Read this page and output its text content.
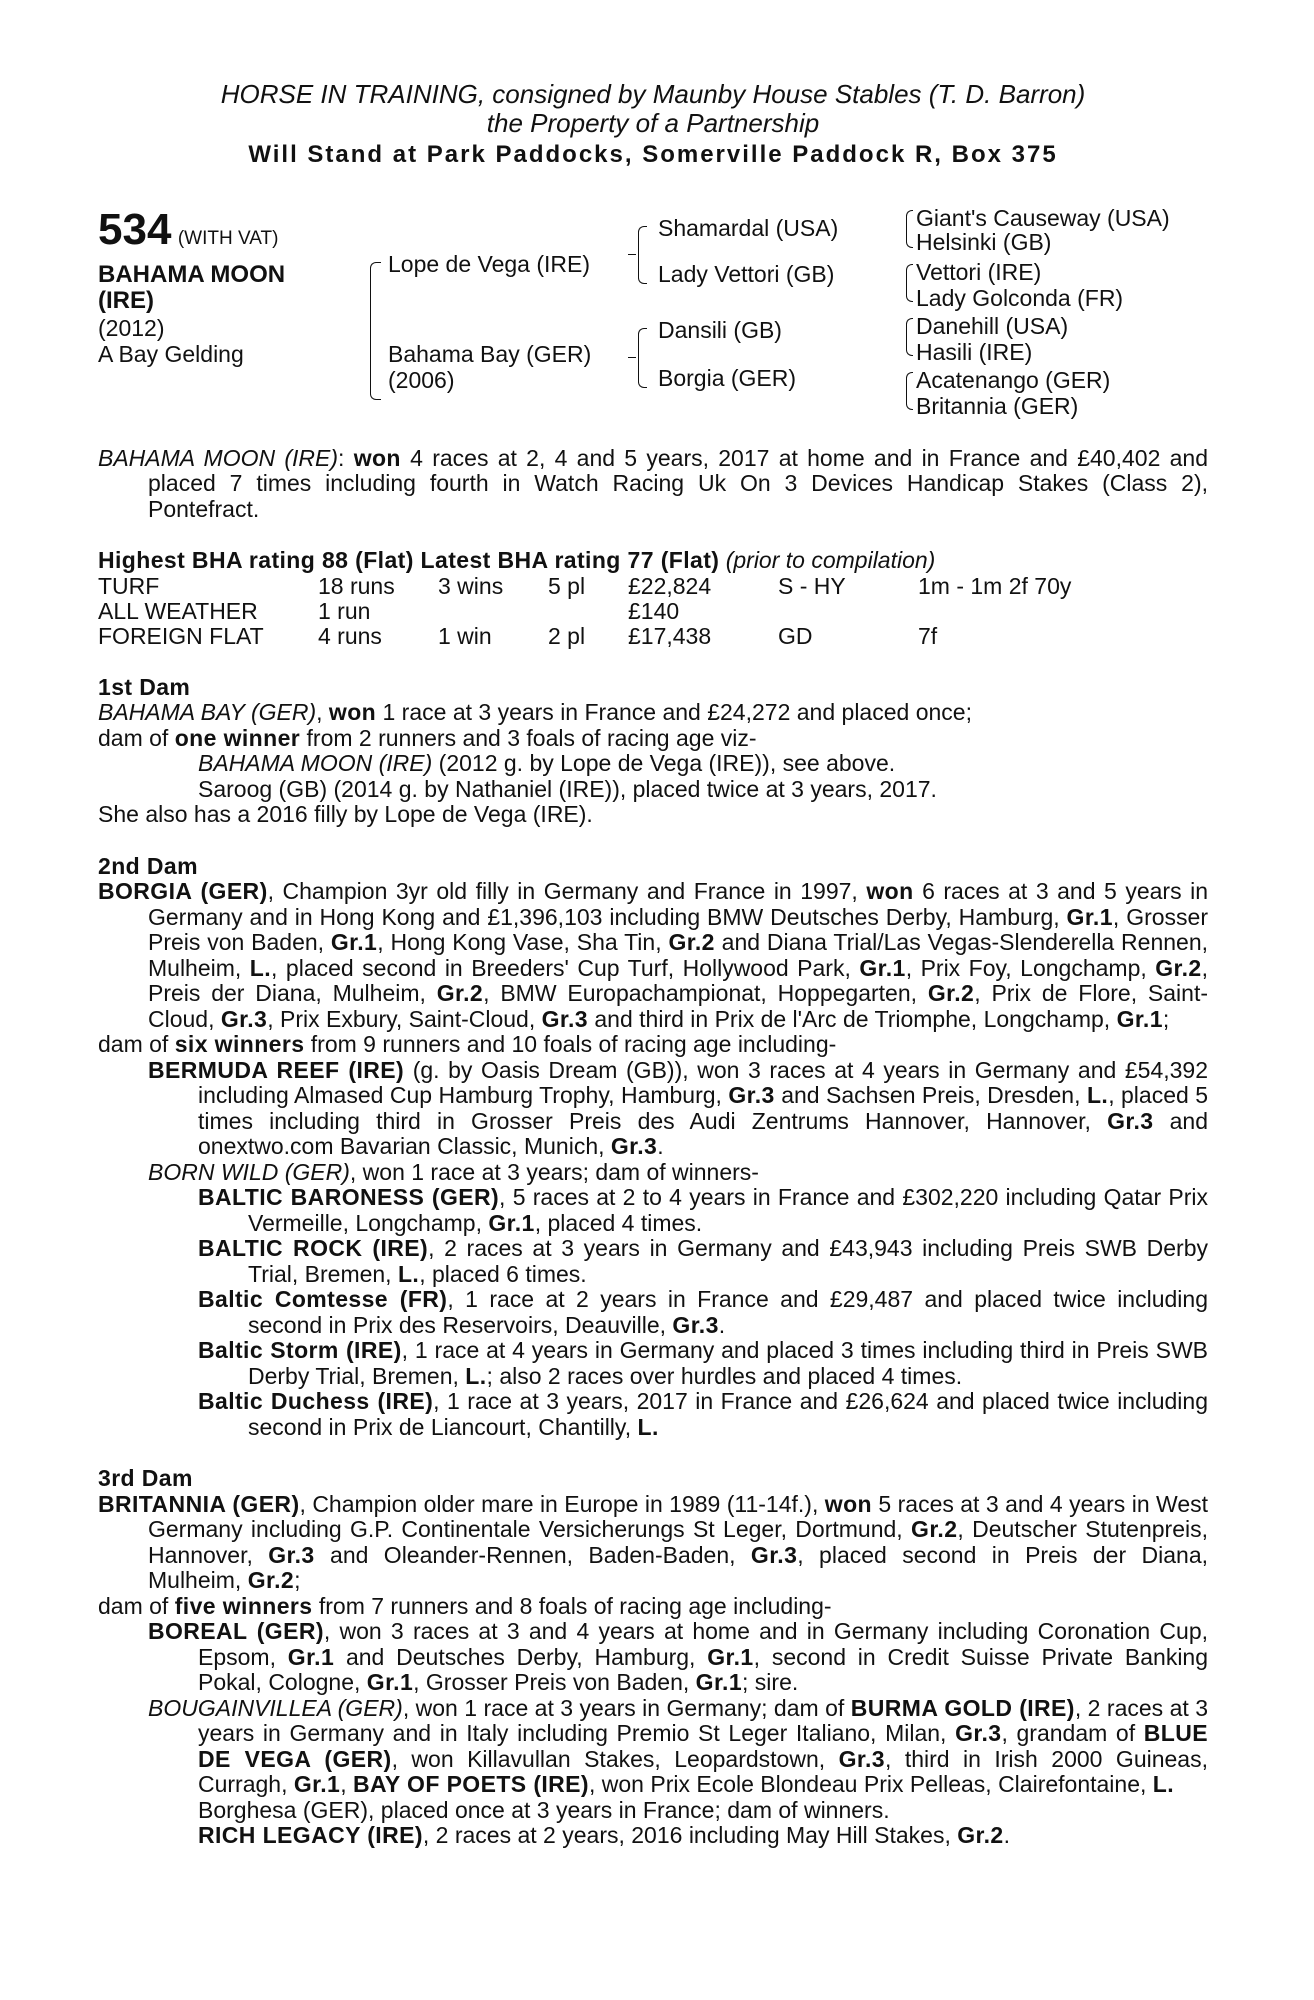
HORSE IN TRAINING, consigned by Maunby House Stables (T. D. Barron)
the Property of a Partnership
Will Stand at Park Paddocks, Somerville Paddock R, Box 375
534 (WITH VAT)
BAHAMA MOON
(IRE)
(2012)
A Bay Gelding
Lope de Vega (IRE)
Bahama Bay (GER)
(2006)
Shamardal (USA)
Lady Vettori (GB)
Dansili (GB)
Borgia (GER)
Giant's Causeway (USA)
Helsinki (GB)
Vettori (IRE)
Lady Golconda (FR)
Danehill (USA)
Hasili (IRE)
Acatenango (GER)
Britannia (GER)
BAHAMA MOON (IRE): won 4 races at 2, 4 and 5 years, 2017 at home and in France and £40,402 and placed 7 times including fourth in Watch Racing Uk On 3 Devices Handicap Stakes (Class 2), Pontefract.
Highest BHA rating 88 (Flat) Latest BHA rating 77 (Flat) (prior to compilation)
TURF	18 runs	3 wins	5 pl	£22,824	S - HY	1m - 1m 2f 70y
ALL WEATHER	1 run			£140		
FOREIGN FLAT	4 runs	1 win	2 pl	£17,438	GD	7f
1st Dam
BAHAMA BAY (GER), won 1 race at 3 years in France and £24,272 and placed once;
dam of one winner from 2 runners and 3 foals of racing age viz-
BAHAMA MOON (IRE) (2012 g. by Lope de Vega (IRE)), see above.
Saroog (GB) (2014 g. by Nathaniel (IRE)), placed twice at 3 years, 2017.
She also has a 2016 filly by Lope de Vega (IRE).
2nd Dam
BORGIA (GER), Champion 3yr old filly in Germany and France in 1997, won 6 races at 3 and 5 years in Germany and in Hong Kong and £1,396,103 including BMW Deutsches Derby, Hamburg, Gr.1, Grosser Preis von Baden, Gr.1, Hong Kong Vase, Sha Tin, Gr.2 and Diana Trial/Las Vegas-Slenderella Rennen, Mulheim, L., placed second in Breeders' Cup Turf, Hollywood Park, Gr.1, Prix Foy, Longchamp, Gr.2, Preis der Diana, Mulheim, Gr.2, BMW Europachampionat, Hoppegarten, Gr.2, Prix de Flore, Saint-Cloud, Gr.3, Prix Exbury, Saint-Cloud, Gr.3 and third in Prix de l'Arc de Triomphe, Longchamp, Gr.1;
dam of six winners from 9 runners and 10 foals of racing age including-
BERMUDA REEF (IRE) (g. by Oasis Dream (GB)), won 3 races at 4 years in Germany and £54,392 including Almased Cup Hamburg Trophy, Hamburg, Gr.3 and Sachsen Preis, Dresden, L., placed 5 times including third in Grosser Preis des Audi Zentrums Hannover, Hannover, Gr.3 and onextwo.com Bavarian Classic, Munich, Gr.3.
BORN WILD (GER), won 1 race at 3 years; dam of winners-
BALTIC BARONESS (GER), 5 races at 2 to 4 years in France and £302,220 including Qatar Prix Vermeille, Longchamp, Gr.1, placed 4 times.
BALTIC ROCK (IRE), 2 races at 3 years in Germany and £43,943 including Preis SWB Derby Trial, Bremen, L., placed 6 times.
Baltic Comtesse (FR), 1 race at 2 years in France and £29,487 and placed twice including second in Prix des Reservoirs, Deauville, Gr.3.
Baltic Storm (IRE), 1 race at 4 years in Germany and placed 3 times including third in Preis SWB Derby Trial, Bremen, L.; also 2 races over hurdles and placed 4 times.
Baltic Duchess (IRE), 1 race at 3 years, 2017 in France and £26,624 and placed twice including second in Prix de Liancourt, Chantilly, L.
3rd Dam
BRITANNIA (GER), Champion older mare in Europe in 1989 (11-14f.), won 5 races at 3 and 4 years in West Germany including G.P. Continentale Versicherungs St Leger, Dortmund, Gr.2, Deutscher Stutenpreis, Hannover, Gr.3 and Oleander-Rennen, Baden-Baden, Gr.3, placed second in Preis der Diana, Mulheim, Gr.2;
dam of five winners from 7 runners and 8 foals of racing age including-
BOREAL (GER), won 3 races at 3 and 4 years at home and in Germany including Coronation Cup, Epsom, Gr.1 and Deutsches Derby, Hamburg, Gr.1, second in Credit Suisse Private Banking Pokal, Cologne, Gr.1, Grosser Preis von Baden, Gr.1; sire.
BOUGAINVILLEA (GER), won 1 race at 3 years in Germany; dam of BURMA GOLD (IRE), 2 races at 3 years in Germany and in Italy including Premio St Leger Italiano, Milan, Gr.3, grandam of BLUE DE VEGA (GER), won Killavullan Stakes, Leopardstown, Gr.3, third in Irish 2000 Guineas, Curragh, Gr.1, BAY OF POETS (IRE), won Prix Ecole Blondeau Prix Pelleas, Clairefontaine, L.
Borghesa (GER), placed once at 3 years in France; dam of winners.
RICH LEGACY (IRE), 2 races at 2 years, 2016 including May Hill Stakes, Gr.2.
